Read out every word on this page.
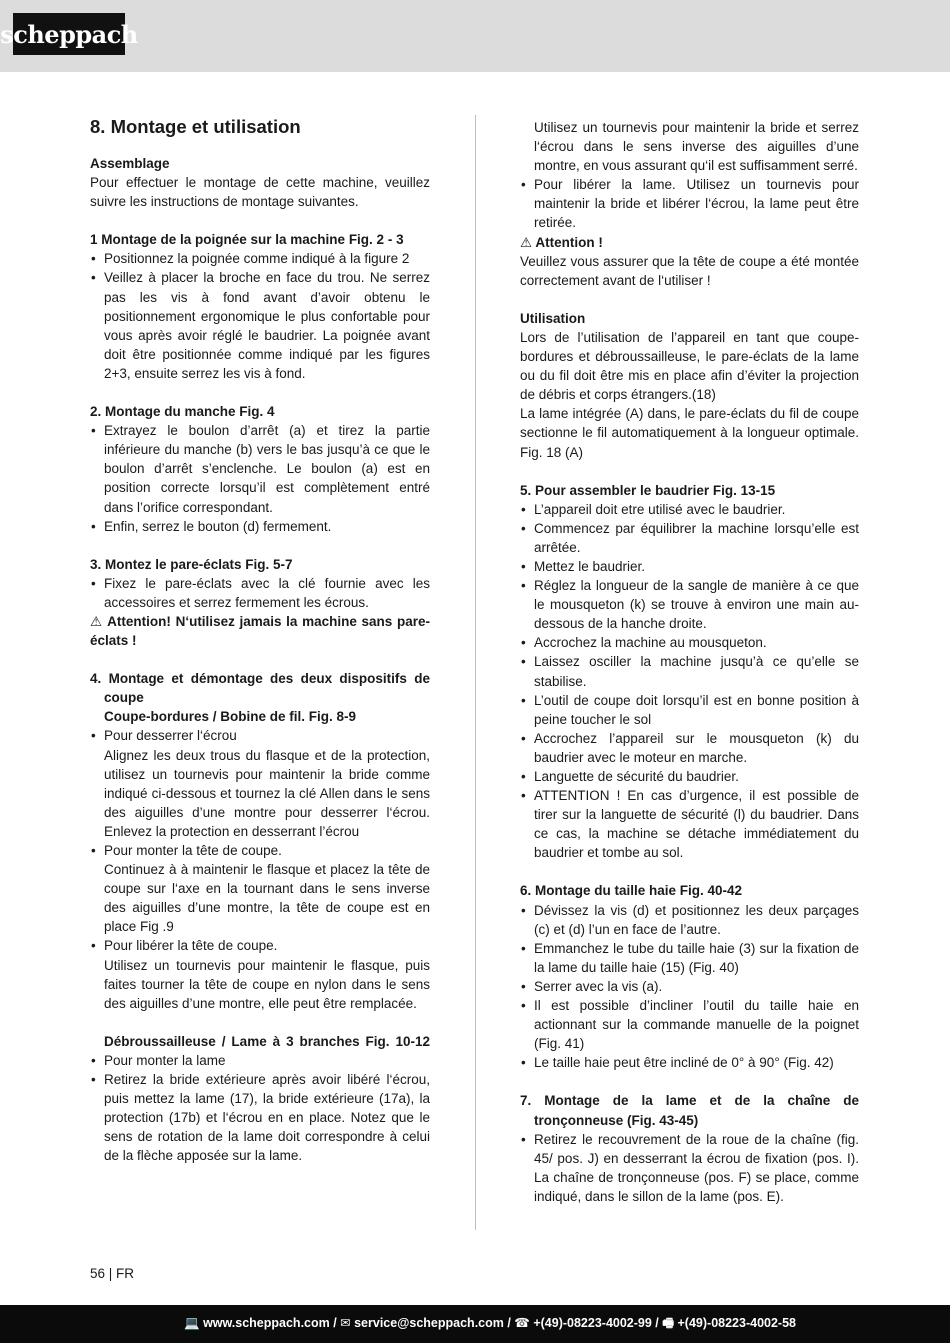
scheppach
8. Montage et utilisation

Assemblage

Pour effectuer le montage de cette machine, veuillez suivre les instructions de montage suivantes.

1 Montage de la poignée sur la machine Fig. 2 - 3

• Positionnez la poignée comme indiqué à la figure 2

• Veillez à placer la broche en face du trou. Ne serrez pas les vis à fond avant d’avoir obtenu le positionnement ergonomique le plus confortable pour vous après avoir réglé le baudrier. La poignée avant doit être positionnée comme indiqué par les figures 2+3, ensuite serrez les vis à fond.

2. Montage du manche Fig. 4

• Extrayez le boulon d’arrêt (a) et tirez la partie inférieure du manche (b) vers le bas jusqu’à ce que le boulon d’arrêt s’enclenche. Le boulon (a) est en position correcte lorsqu’il est complètement entré dans l’orifice correspondant.

• Enfin, serrez le bouton (d) fermement.

3. Montez le pare-éclats Fig. 5-7

• Fixez le pare-éclats avec la clé fournie avec les accessoires et serrez fermement les écrous.

⚠ Attention! N‘utilisez jamais la machine sans pare-éclats !

4. Montage et démontage des deux dispositifs de coupe

Coupe-bordures / Bobine de fil. Fig. 8-9

• Pour desserrer l‘écrou

Alignez les deux trous du flasque et de la protection, utilisez un tournevis pour maintenir la bride comme indiqué ci-dessous et tournez la clé Allen dans le sens des aiguilles d’une montre pour desserrer l‘écrou. Enlevez la protection en desserrant l’écrou

• Pour monter la tête de coupe.

Continuez à à maintenir le flasque et placez la tête de coupe sur l‘axe en la tournant dans le sens inverse des aiguilles d’une montre, la tête de coupe est en place Fig .9

• Pour libérer la tête de coupe.

Utilisez un tournevis pour maintenir le flasque, puis faites tourner la tête de coupe en nylon dans le sens des aiguilles d’une montre, elle peut être remplacée.

Débroussailleuse / Lame à 3 branches Fig. 10-12

• Pour monter la lame

• Retirez la bride extérieure après avoir libéré l‘écrou, puis mettez la lame (17), la bride extérieure (17a), la protection (17b) et l‘écrou en en place. Notez que le sens de rotation de la lame doit correspondre à celui de la flèche apposée sur la lame.

Utilisez un tournevis pour maintenir la bride et serrez l‘écrou dans le sens inverse des aiguilles d’une montre, en vous assurant qu‘il est suffisamment serré.

• Pour libérer la lame. Utilisez un tournevis pour maintenir la bride et libérer l‘écrou, la lame peut être retirée.

⚠ Attention !

Veuillez vous assurer que la tête de coupe a été montée correctement avant de l‘utiliser !

Utilisation

Lors de l’utilisation de l’appareil en tant que coupe-bordures et débroussailleuse, le pare-éclats de la lame ou du fil doit être mis en place afin d’éviter la projection de débris et corps étrangers.(18)

La lame intégrée (A) dans, le pare-éclats du fil de coupe sectionne le fil automatiquement à la longueur optimale. Fig. 18 (A)

5. Pour assembler le baudrier Fig. 13-15

• L’appareil doit etre utilisé avec le baudrier.

• Commencez par équilibrer la machine lorsqu’elle est arrêtée.

• Mettez le baudrier.

• Réglez la longueur de la sangle de manière à ce que le mousqueton (k) se trouve à environ une main au-dessous de la hanche droite.

• Accrochez la machine au mousqueton.

• Laissez osciller la machine jusqu’à ce qu’elle se stabilise.

• L’outil de coupe doit lorsqu’il est en bonne position à peine toucher le sol

• Accrochez l’appareil sur le mousqueton (k) du baudrier avec le moteur en marche.

• Languette de sécurité du baudrier.

• ATTENTION ! En cas d’urgence, il est possible de tirer sur la languette de sécurité (l) du baudrier. Dans ce cas, la machine se détache immédiatement du baudrier et tombe au sol.

6. Montage du taille haie Fig. 40-42

• Dévissez la vis (d) et positionnez les deux parçages (c) et (d) l’un en face de l’autre.

• Emmanchez le tube du taille haie (3) sur la fixation de la lame du taille haie (15) (Fig. 40)

• Serrer avec la vis (a).

• Il est possible d’incliner l’outil du taille haie en actionnant sur la commande manuelle de la poignet (Fig. 41)

• Le taille haie peut être incliné de 0° à 90° (Fig. 42)

7. Montage de la lame et de la chaîne de tronçonneuse (Fig. 43-45)

• Retirez le recouvrement de la roue de la chaîne (fig. 45/ pos. J) en desserrant la écrou de fixation (pos. I). La chaîne de tronçonneuse (pos. F) se place, comme indiqué, dans le sillon de la lame (pos. E).

56 | FR
💻 www.scheppach.com / ✉ service@scheppach.com / ☎ +(49)-08223-4002-99 / 🖷 +(49)-08223-4002-58
